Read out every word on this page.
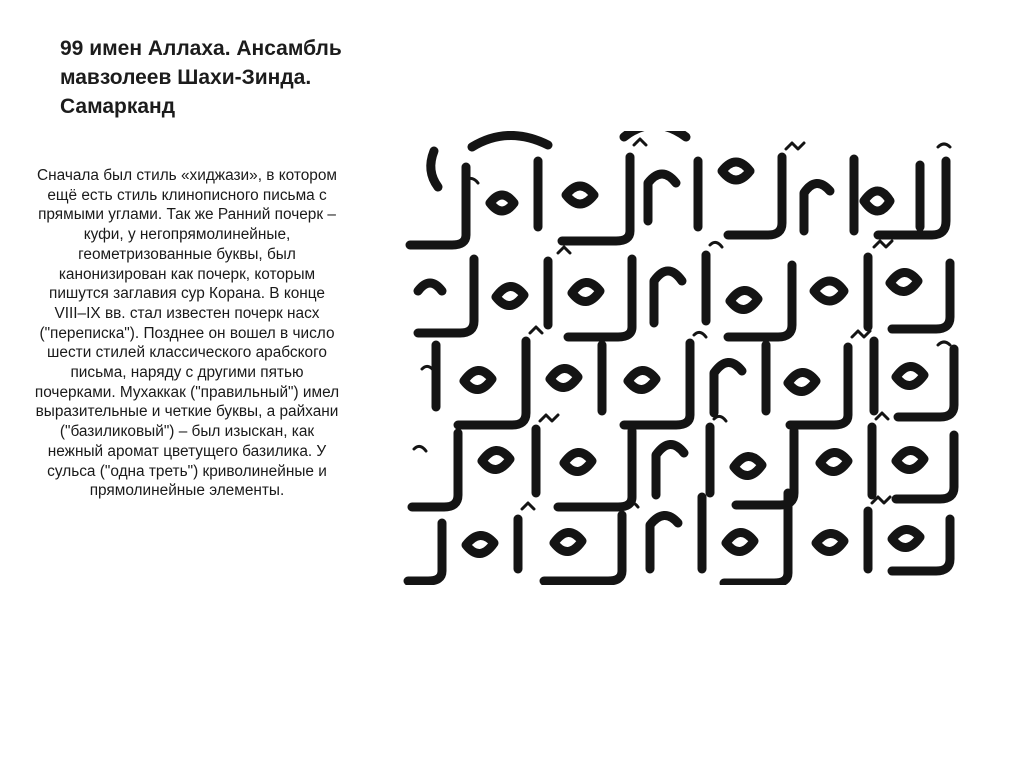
99 имен Аллаха. Ансамбль мавзолеев Шахи-Зинда. Самарканд

Сначала был стиль «хиджази», в котором ещё есть стиль клинописного письма с прямыми углами. Так же Ранний почерк – куфи, у негопрямолинейные, геометризованные буквы, был канонизирован как почерк, которым пишутся заглавия сур Корана. В конце VIII–IX вв. стал известен почерк насх ("переписка"). Позднее он вошел в число шести стилей классического арабского письма, наряду с другими пятью почерками. Мухаккак ("правильный") имел выразительные и четкие буквы, а райхани ("базиликовый") – был изыскан, как нежный аромат цветущего базилика. У сульса ("одна треть") криволинейные и прямолинейные элементы.
